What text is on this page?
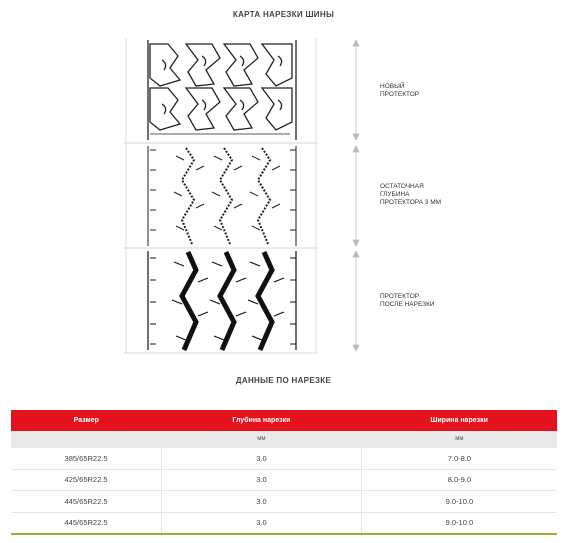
КАРТА НАРЕЗКИ ШИНЫ
НОВЫЙ
ПРОТЕКТОР
ОСТАТОЧНАЯ
ГЛУБИНА
ПРОТЕКТОРА 3 ММ
ПРОТЕКТОР
ПОСЛЕ НАРЕЗКИ
ДАННЫЕ ПО НАРЕЗКЕ
Размер	Глубина нарезки	Ширина нарезки
	мм	мм
385/65R22.5	3.0	7.0-8.0
425/65R22.5	3.0	8.0-9.0
445/65R22.5	3.0	9.0-10.0
445/65R22.5	3.0	9.0-10.0
